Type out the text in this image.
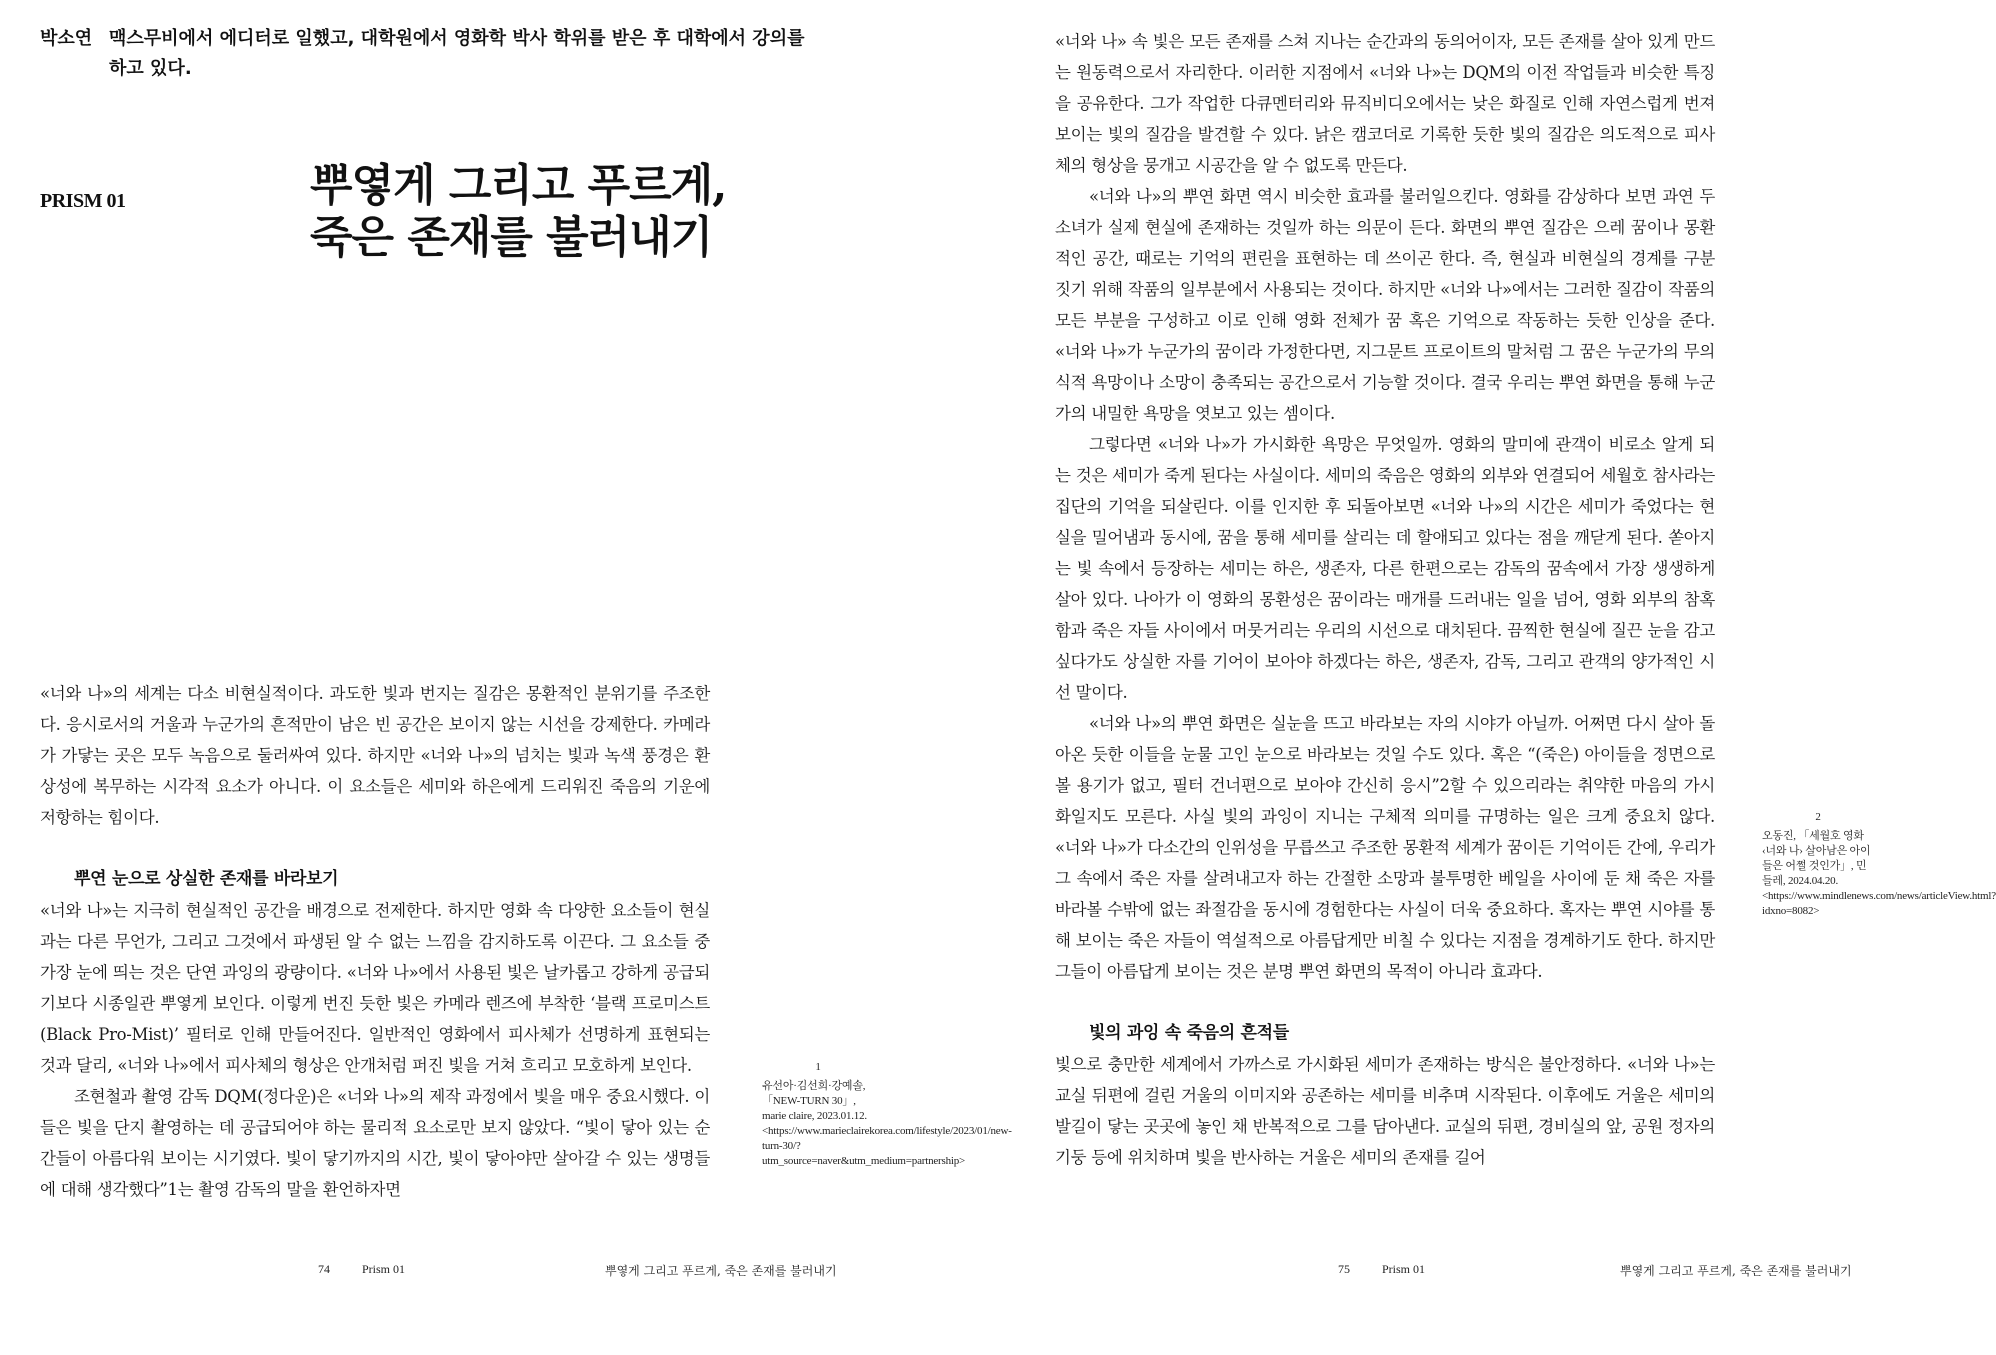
박소연 맥스무비에서 에디터로 일했고, 대학원에서 영화학 박사 학위를 받은 후 대학에서 강의를 하고 있다.
PRISM 01	뿌옇게 그리고 푸르게,
죽은 존재를 불러내기

«너와 나»의 세계는 다소 비현실적이다. 과도한 빛과 번지는 질감은 몽환적인 분위기를 주조한다. 응시로서의 거울과 누군가의 흔적만이 남은 빈 공간은 보이지 않는 시선을 강제한다. 카메라가 가닿는 곳은 모두 녹음으로 둘러싸여 있다. 하지만 «너와 나»의 넘치는 빛과 녹색 풍경은 환상성에 복무하는 시각적 요소가 아니다. 이 요소들은 세미와 하은에게 드리워진 죽음의 기운에 저항하는 힘이다.

뿌연 눈으로 상실한 존재를 바라보기

«너와 나»는 지극히 현실적인 공간을 배경으로 전제한다. 하지만 영화 속 다양한 요소들이 현실과는 다른 무언가, 그리고 그것에서 파생된 알 수 없는 느낌을 감지하도록 이끈다. 그 요소들 중 가장 눈에 띄는 것은 단연 과잉의 광량이다. «너와 나»에서 사용된 빛은 날카롭고 강하게 공급되기보다 시종일관 뿌옇게 보인다. 이렇게 번진 듯한 빛은 카메라 렌즈에 부착한 ‘블랙 프로미스트(Black Pro-Mist)’ 필터로 인해 만들어진다. 일반적인 영화에서 피사체가 선명하게 표현되는 것과 달리, «너와 나»에서 피사체의 형상은 안개처럼 퍼진 빛을 거쳐 흐리고 모호하게 보인다.

조현철과 촬영 감독 DQM(정다운)은 «너와 나»의 제작 과정에서 빛을 매우 중요시했다. 이들은 빛을 단지 촬영하는 데 공급되어야 하는 물리적 요소로만 보지 않았다. “빛이 닿아 있는 순간들이 아름다워 보이는 시기였다. 빛이 닿기까지의 시간, 빛이 닿아야만 살아갈 수 있는 생명들에 대해 생각했다”1는 촬영 감독의 말을 환언하자면

1
유선아·김선희·강예솔, 「NEW-TURN 30」, marie claire, 2023.01.12. <https://www.marieclairekorea.com/lifestyle/2023/01/new-turn-30/?utm_source=naver&utm_medium=partnership>
74	Prism 01	뿌옇게 그리고 푸르게, 죽은 존재를 불러내기

«너와 나» 속 빛은 모든 존재를 스쳐 지나는 순간과의 동의어이자, 모든 존재를 살아 있게 만드는 원동력으로서 자리한다. 이러한 지점에서 «너와 나»는 DQM의 이전 작업들과 비슷한 특징을 공유한다. 그가 작업한 다큐멘터리와 뮤직비디오에서는 낮은 화질로 인해 자연스럽게 번져 보이는 빛의 질감을 발견할 수 있다. 낡은 캠코더로 기록한 듯한 빛의 질감은 의도적으로 피사체의 형상을 뭉개고 시공간을 알 수 없도록 만든다.

«너와 나»의 뿌연 화면 역시 비슷한 효과를 불러일으킨다. 영화를 감상하다 보면 과연 두 소녀가 실제 현실에 존재하는 것일까 하는 의문이 든다. 화면의 뿌연 질감은 으레 꿈이나 몽환적인 공간, 때로는 기억의 편린을 표현하는 데 쓰이곤 한다. 즉, 현실과 비현실의 경계를 구분 짓기 위해 작품의 일부분에서 사용되는 것이다. 하지만 «너와 나»에서는 그러한 질감이 작품의 모든 부분을 구성하고 이로 인해 영화 전체가 꿈 혹은 기억으로 작동하는 듯한 인상을 준다. «너와 나»가 누군가의 꿈이라 가정한다면, 지그문트 프로이트의 말처럼 그 꿈은 누군가의 무의식적 욕망이나 소망이 충족되는 공간으로서 기능할 것이다. 결국 우리는 뿌연 화면을 통해 누군가의 내밀한 욕망을 엿보고 있는 셈이다.

그렇다면 «너와 나»가 가시화한 욕망은 무엇일까. 영화의 말미에 관객이 비로소 알게 되는 것은 세미가 죽게 된다는 사실이다. 세미의 죽음은 영화의 외부와 연결되어 세월호 참사라는 집단의 기억을 되살린다. 이를 인지한 후 되돌아보면 «너와 나»의 시간은 세미가 죽었다는 현실을 밀어냄과 동시에, 꿈을 통해 세미를 살리는 데 할애되고 있다는 점을 깨닫게 된다. 쏟아지는 빛 속에서 등장하는 세미는 하은, 생존자, 다른 한편으로는 감독의 꿈속에서 가장 생생하게 살아 있다. 나아가 이 영화의 몽환성은 꿈이라는 매개를 드러내는 일을 넘어, 영화 외부의 참혹함과 죽은 자들 사이에서 머뭇거리는 우리의 시선으로 대치된다. 끔찍한 현실에 질끈 눈을 감고 싶다가도 상실한 자를 기어이 보아야 하겠다는 하은, 생존자, 감독, 그리고 관객의 양가적인 시선 말이다.

«너와 나»의 뿌연 화면은 실눈을 뜨고 바라보는 자의 시야가 아닐까. 어쩌면 다시 살아 돌아온 듯한 이들을 눈물 고인 눈으로 바라보는 것일 수도 있다. 혹은 “(죽은) 아이들을 정면으로 볼 용기가 없고, 필터 건너편으로 보아야 간신히 응시”2할 수 있으리라는 취약한 마음의 가시화일지도 모른다. 사실 빛의 과잉이 지니는 구체적 의미를 규명하는 일은 크게 중요치 않다. «너와 나»가 다소간의 인위성을 무릅쓰고 주조한 몽환적 세계가 꿈이든 기억이든 간에, 우리가 그 속에서 죽은 자를 살려내고자 하는 간절한 소망과 불투명한 베일을 사이에 둔 채 죽은 자를 바라볼 수밖에 없는 좌절감을 동시에 경험한다는 사실이 더욱 중요하다. 혹자는 뿌연 시야를 통해 보이는 죽은 자들이 역설적으로 아름답게만 비칠 수 있다는 지점을 경계하기도 한다. 하지만 그들이 아름답게 보이는 것은 분명 뿌연 화면의 목적이 아니라 효과다.

빛의 과잉 속 죽음의 흔적들

빛으로 충만한 세계에서 가까스로 가시화된 세미가 존재하는 방식은 불안정하다. «너와 나»는 교실 뒤편에 걸린 거울의 이미지와 공존하는 세미를 비추며 시작된다. 이후에도 거울은 세미의 발길이 닿는 곳곳에 놓인 채 반복적으로 그를 담아낸다. 교실의 뒤편, 경비실의 앞, 공원 정자의 기둥 등에 위치하며 빛을 반사하는 거울은 세미의 존재를 길어

2
오동진, 「세월호 영화 ‹너와 나› 살아남은 아이들은 어쩔 것인가」, 민들레, 2024.04.20. <https://www.mindlenews.com/news/articleView.html?idxno=8082>
75	Prism 01	뿌옇게 그리고 푸르게, 죽은 존재를 불러내기
